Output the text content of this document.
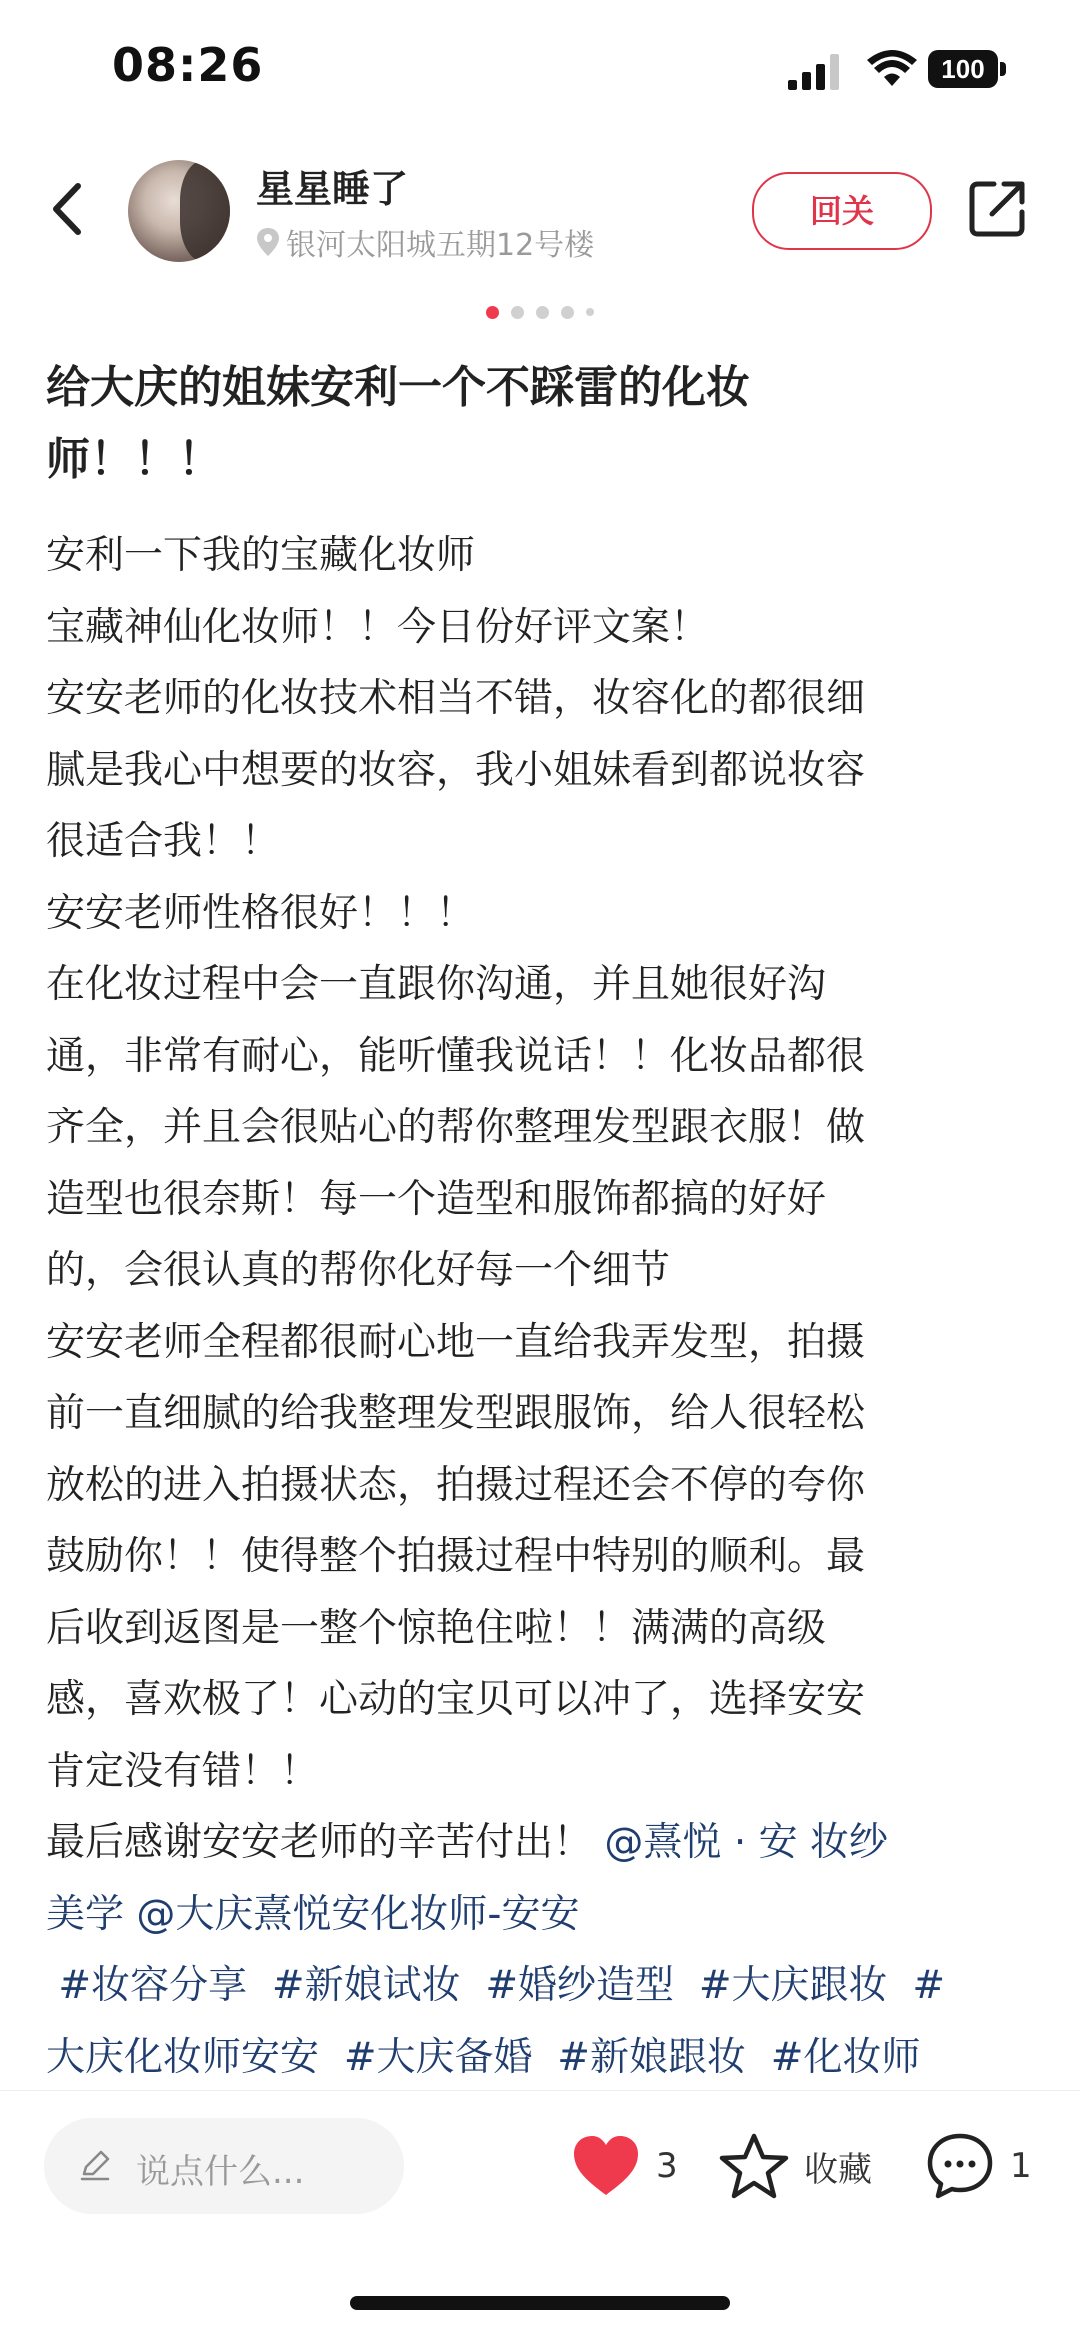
08:26	100
星星睡了
银河太阳城五期12号楼
回关
给大庆的姐妹安利一个不踩雷的化妆
师！！！
安利一下我的宝藏化妆师
宝藏神仙化妆师！！今日份好评文案！
安安老师的化妆技术相当不错，妆容化的都很细
腻是我心中想要的妆容，我小姐妹看到都说妆容
很适合我！！
安安老师性格很好！！！
在化妆过程中会一直跟你沟通，并且她很好沟
通，非常有耐心，能听懂我说话！！化妆品都很
齐全，并且会很贴心的帮你整理发型跟衣服！做
造型也很奈斯！每一个造型和服饰都搞的好好
的，会很认真的帮你化好每一个细节
安安老师全程都很耐心地一直给我弄发型，拍摄
前一直细腻的给我整理发型跟服饰，给人很轻松
放松的进入拍摄状态，拍摄过程还会不停的夸你
鼓励你！！使得整个拍摄过程中特别的顺利。最
后收到返图是一整个惊艳住啦！！满满的高级
感，喜欢极了！心动的宝贝可以冲了，选择安安
肯定没有错！！
最后感谢安安老师的辛苦付出！ @熹悦 · 安 妆纱
美学 @大庆熹悦安化妆师-安安
#妆容分享 #新娘试妆 #婚纱造型 #大庆跟妆 #
大庆化妆师安安 #大庆备婚 #新娘跟妆 #化妆师
说点什么...	3	收藏	1
